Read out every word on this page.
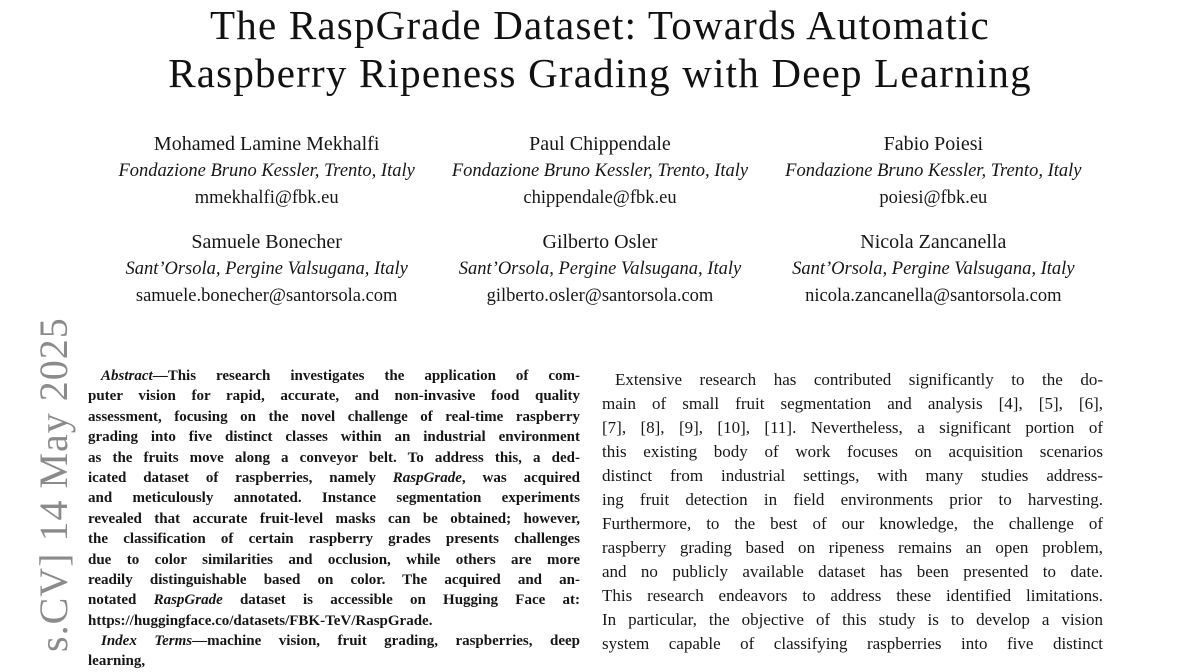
s.CV] 14 May 2025
The RaspGrade Dataset: Towards Automatic
Raspberry Ripeness Grading with Deep Learning
Mohamed Lamine Mekhalfi
Fondazione Bruno Kessler, Trento, Italy
mmekhalfi@fbk.eu
Paul Chippendale
Fondazione Bruno Kessler, Trento, Italy
chippendale@fbk.eu
Fabio Poiesi
Fondazione Bruno Kessler, Trento, Italy
poiesi@fbk.eu
Samuele Bonecher
Sant’Orsola, Pergine Valsugana, Italy
samuele.bonecher@santorsola.com
Gilberto Osler
Sant’Orsola, Pergine Valsugana, Italy
gilberto.osler@santorsola.com
Nicola Zancanella
Sant’Orsola, Pergine Valsugana, Italy
nicola.zancanella@santorsola.com
Abstract—This research investigates the application of com-
puter vision for rapid, accurate, and non-invasive food quality
assessment, focusing on the novel challenge of real-time raspberry
grading into five distinct classes within an industrial environment
as the fruits move along a conveyor belt. To address this, a ded-
icated dataset of raspberries, namely RaspGrade, was acquired
and meticulously annotated. Instance segmentation experiments
revealed that accurate fruit-level masks can be obtained; however,
the classification of certain raspberry grades presents challenges
due to color similarities and occlusion, while others are more
readily distinguishable based on color. The acquired and an-
notated RaspGrade dataset is accessible on Hugging Face at:
https://huggingface.co/datasets/FBK-TeV/RaspGrade.
Index Terms—machine vision, fruit grading, raspberries, deep
learning,
Extensive research has contributed significantly to the do-
main of small fruit segmentation and analysis [4], [5], [6],
[7], [8], [9], [10], [11]. Nevertheless, a significant portion of
this existing body of work focuses on acquisition scenarios
distinct from industrial settings, with many studies address-
ing fruit detection in field environments prior to harvesting.
Furthermore, to the best of our knowledge, the challenge of
raspberry grading based on ripeness remains an open problem,
and no publicly available dataset has been presented to date.
This research endeavors to address these identified limitations.
In particular, the objective of this study is to develop a vision
system capable of classifying raspberries into five distinct
